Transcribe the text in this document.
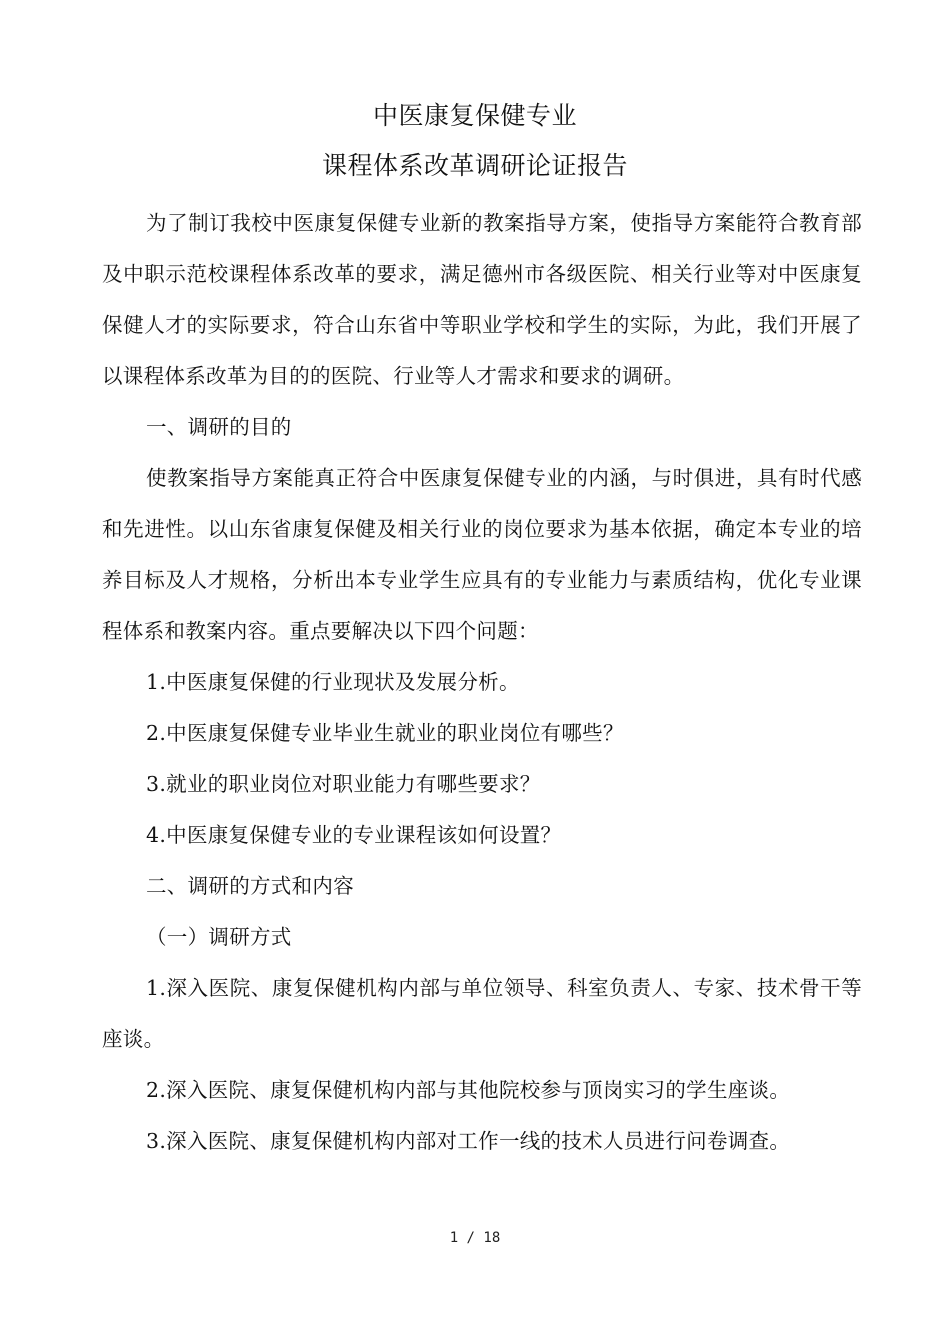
中医康复保健专业
课程体系改革调研论证报告

为了制订我校中医康复保健专业新的教案指导方案，使指导方案能符合教育部及中职示范校课程体系改革的要求，满足德州市各级医院、相关行业等对中医康复保健人才的实际要求，符合山东省中等职业学校和学生的实际，为此，我们开展了以课程体系改革为目的的医院、行业等人才需求和要求的调研。

一、调研的目的

使教案指导方案能真正符合中医康复保健专业的内涵，与时俱进，具有时代感和先进性。以山东省康复保健及相关行业的岗位要求为基本依据，确定本专业的培养目标及人才规格，分析出本专业学生应具有的专业能力与素质结构，优化专业课程体系和教案内容。重点要解决以下四个问题：

1.中医康复保健的行业现状及发展分析。

2.中医康复保健专业毕业生就业的职业岗位有哪些？

3.就业的职业岗位对职业能力有哪些要求？

4.中医康复保健专业的专业课程该如何设置？

二、调研的方式和内容

（一）调研方式

1.深入医院、康复保健机构内部与单位领导、科室负责人、专家、技术骨干等座谈。

2.深入医院、康复保健机构内部与其他院校参与顶岗实习的学生座谈。

3.深入医院、康复保健机构内部对工作一线的技术人员进行问卷调查。

1 / 18
